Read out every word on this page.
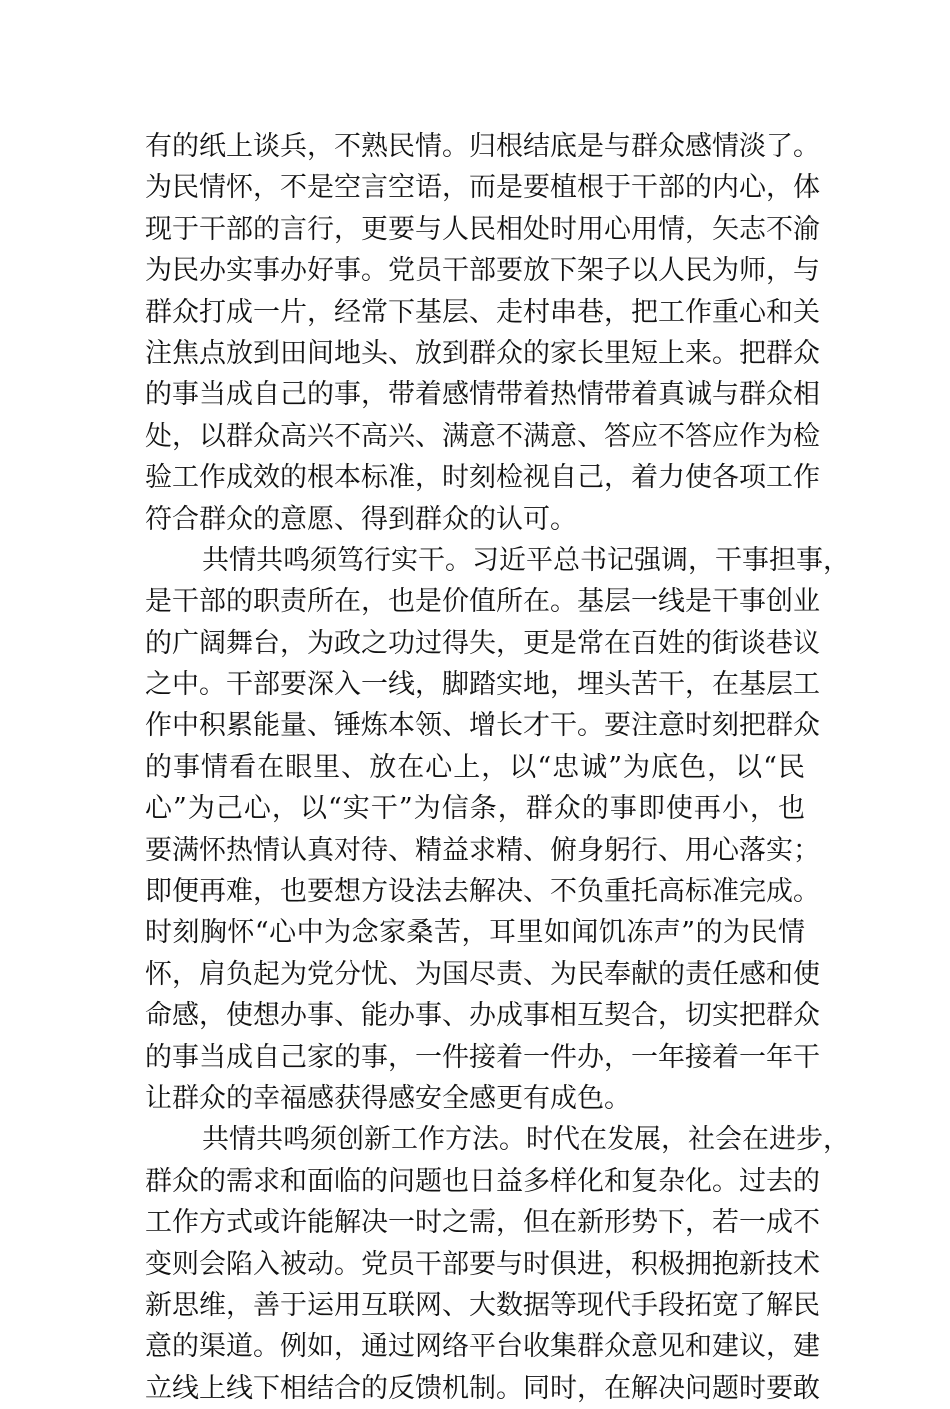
有的纸上谈兵，不熟民情。归根结底是与群众感情淡了。
为民情怀，不是空言空语，而是要植根于干部的内心，体
现于干部的言行，更要与人民相处时用心用情，矢志不渝
为民办实事办好事。党员干部要放下架子以人民为师，与
群众打成一片，经常下基层、走村串巷，把工作重心和关
注焦点放到田间地头、放到群众的家长里短上来。把群众
的事当成自己的事，带着感情带着热情带着真诚与群众相
处，以群众高兴不高兴、满意不满意、答应不答应作为检
验工作成效的根本标准，时刻检视自己，着力使各项工作
符合群众的意愿、得到群众的认可。
共情共鸣须笃行实干。习近平总书记强调，干事担事，
是干部的职责所在，也是价值所在。基层一线是干事创业
的广阔舞台，为政之功过得失，更是常在百姓的街谈巷议
之中。干部要深入一线，脚踏实地，埋头苦干，在基层工
作中积累能量、锤炼本领、增长才干。要注意时刻把群众
的事情看在眼里、放在心上，以“忠诚”为底色，以“民
心”为己心，以“实干”为信条，群众的事即使再小，也
要满怀热情认真对待、精益求精、俯身躬行、用心落实；
即便再难，也要想方设法去解决、不负重托高标准完成。
时刻胸怀“心中为念家桑苦，耳里如闻饥冻声”的为民情
怀，肩负起为党分忧、为国尽责、为民奉献的责任感和使
命感，使想办事、能办事、办成事相互契合，切实把群众
的事当成自己家的事，一件接着一件办，一年接着一年干
让群众的幸福感获得感安全感更有成色。
共情共鸣须创新工作方法。时代在发展，社会在进步，
群众的需求和面临的问题也日益多样化和复杂化。过去的
工作方式或许能解决一时之需，但在新形势下，若一成不
变则会陷入被动。党员干部要与时俱进，积极拥抱新技术
新思维，善于运用互联网、大数据等现代手段拓宽了解民
意的渠道。例如，通过网络平台收集群众意见和建议，建
立线上线下相结合的反馈机制。同时，在解决问题时要敢
